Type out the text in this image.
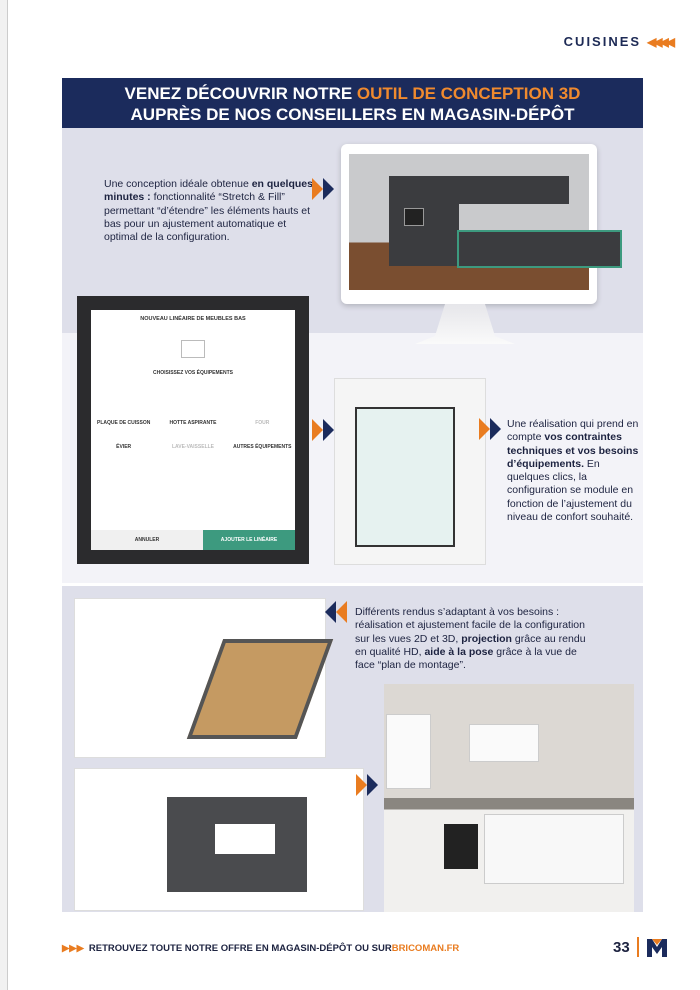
CUISINES ◀◀◀◀
VENEZ DÉCOUVRIR NOTRE OUTIL DE CONCEPTION 3D
AUPRÈS DE NOS CONSEILLERS EN MAGASIN-DÉPÔT

Une conception idéale obtenue en quelques minutes : fonctionnalité “Stretch & Fill” permettant “d’étendre” les éléments hauts et bas pour un ajustement automatique et optimal de la configuration.

NOUVEAU LINÉAIRE DE MEUBLES BAS
CHOISISSEZ VOS ÉQUIPEMENTS
PLAQUE DE CUISSON	HOTTE ASPIRANTE	FOUR
ÉVIER	LAVE-VAISSELLE	AUTRES ÉQUIPEMENTS
ANNULER	AJOUTER LE LINÉAIRE

Une réalisation qui prend en compte vos contraintes techniques et vos besoins d’équipements. En quelques clics, la configuration se module en fonction de l’ajustement du niveau de confort souhaité.

Différents rendus s’adaptant à vos besoins : réalisation et ajustement facile de la configuration sur les vues 2D et 3D, projection grâce au rendu en qualité HD, aide à la pose grâce à la vue de face “plan de montage”.

▶▶▶ RETROUVEZ TOUTE NOTRE OFFRE EN MAGASIN-DÉPÔT OU SUR BRICOMAN.FR	33
